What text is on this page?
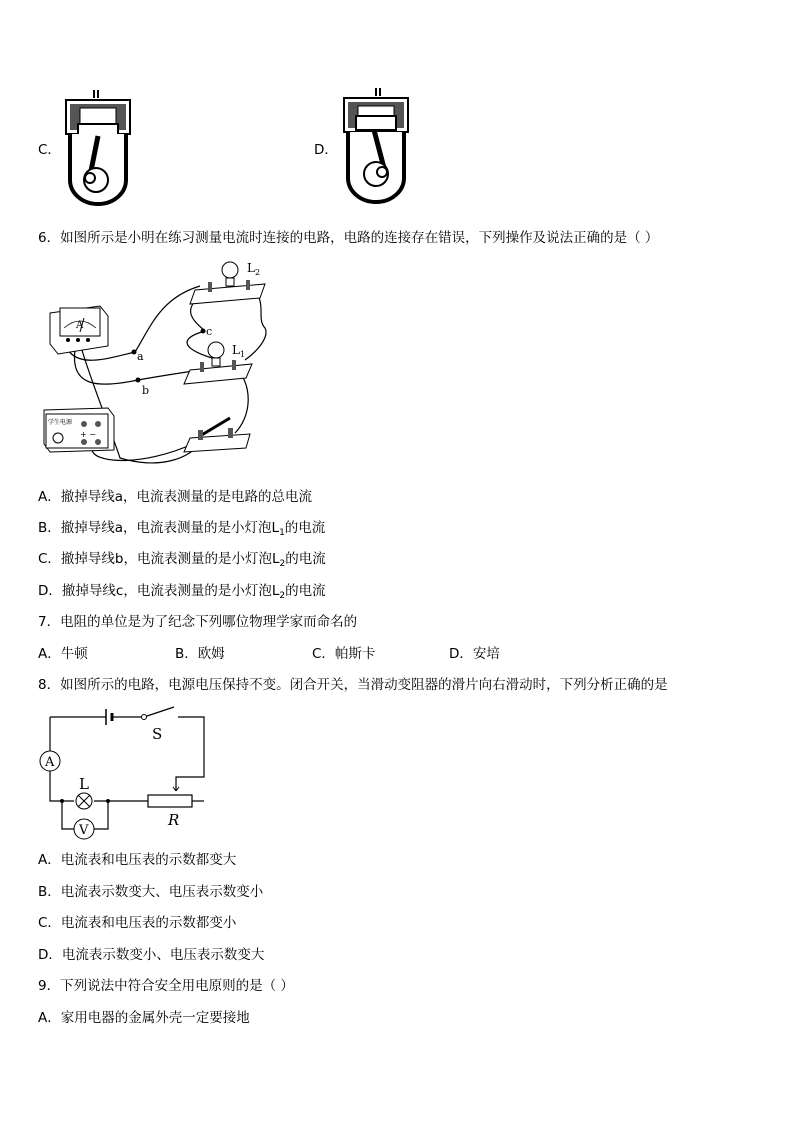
C．	D．
6．如图所示是小明在练习测量电流时连接的电路，电路的连接存在错误，下列操作及说法正确的是（ ）
A
$L_2$
$L_1$
a
b
c
学生电源
+ −
A．撤掉导线a，电流表测量的是电路的总电流
B．撤掉导线a，电流表测量的是小灯泡$L_1$的电流
C．撤掉导线b，电流表测量的是小灯泡$L_2$的电流
D．撤掉导线c，电流表测量的是小灯泡$L_2$的电流
7．电阻的单位是为了纪念下列哪位物理学家而命名的
A．牛顿	B．欧姆	C．帕斯卡	D．安培
8．如图所示的电路，电源电压保持不变。闭合开关，当滑动变阻器的滑片向右滑动时，下列分析正确的是
S
A
L
V
R
A．电流表和电压表的示数都变大
B．电流表示数变大、电压表示数变小
C．电流表和电压表的示数都变小
D．电流表示数变小、电压表示数变大
9．下列说法中符合安全用电原则的是（ ）
A．家用电器的金属外壳一定要接地
